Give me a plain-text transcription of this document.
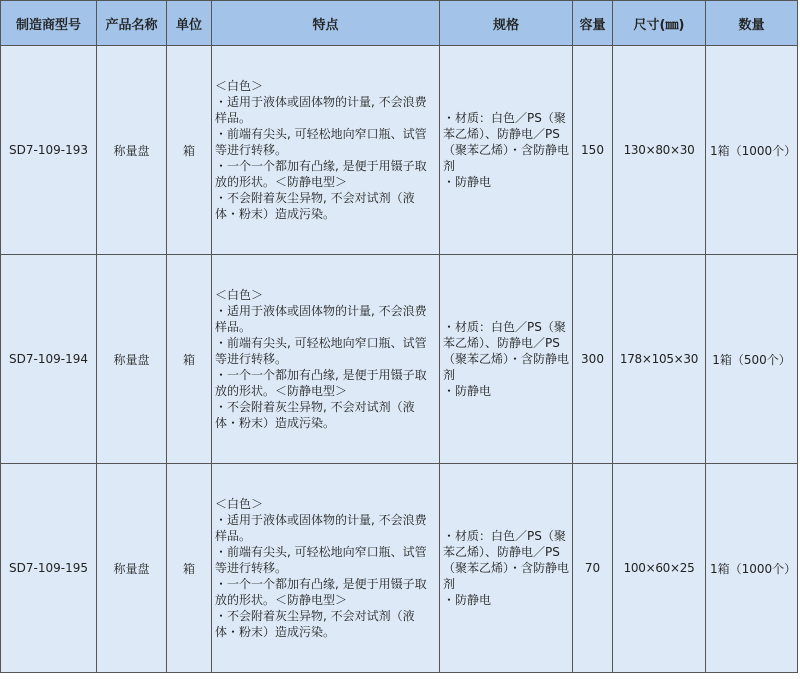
制造商型号	产品名称	单位	特点	规格	容量	尺寸(㎜)	数量
SD7-109-193	称量盘	箱	＜白色＞
・适用于液体或固体物的计量, 不会浪费样品。
・前端有尖头, 可轻松地向窄口瓶、试管等进行转移。
・一个一个都加有凸缘, 是便于用镊子取放的形状。＜防静电型＞
・不会附着灰尘异物, 不会对试剂（液体・粉末）造成污染。	・材质：白色／PS（聚苯乙烯）、防静电／PS（聚苯乙烯）・含防静电剂
・防静电	150	130×80×30	1箱（1000个）
SD7-109-194	称量盘	箱	＜白色＞
・适用于液体或固体物的计量, 不会浪费样品。
・前端有尖头, 可轻松地向窄口瓶、试管等进行转移。
・一个一个都加有凸缘, 是便于用镊子取放的形状。＜防静电型＞
・不会附着灰尘异物, 不会对试剂（液体・粉末）造成污染。	・材质：白色／PS（聚苯乙烯）、防静电／PS（聚苯乙烯）・含防静电剂
・防静电	300	178×105×30	1箱（500个）
SD7-109-195	称量盘	箱	＜白色＞
・适用于液体或固体物的计量, 不会浪费样品。
・前端有尖头, 可轻松地向窄口瓶、试管等进行转移。
・一个一个都加有凸缘, 是便于用镊子取放的形状。＜防静电型＞
・不会附着灰尘异物, 不会对试剂（液体・粉末）造成污染。	・材质：白色／PS（聚苯乙烯）、防静电／PS（聚苯乙烯）・含防静电剂
・防静电	70	100×60×25	1箱（1000个）
